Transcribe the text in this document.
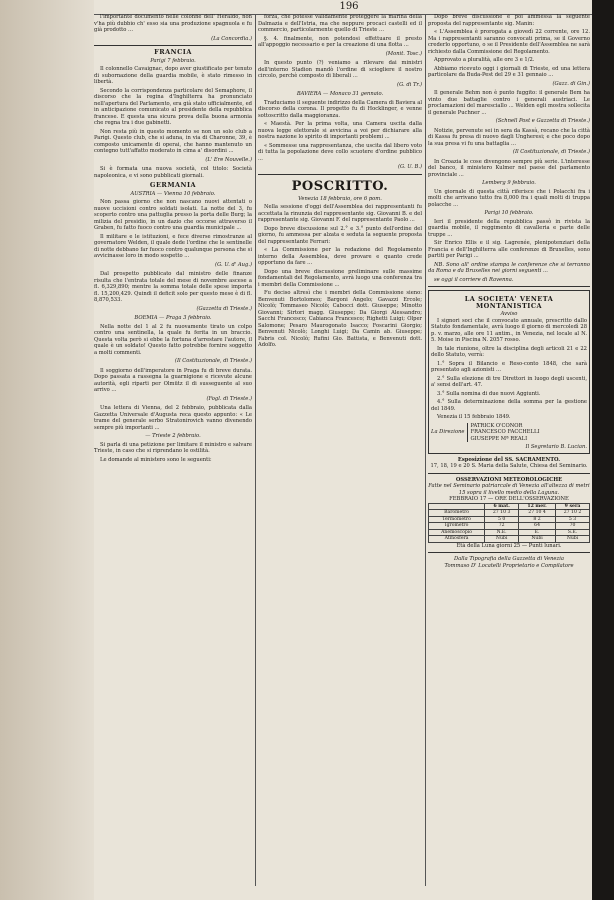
196

l'importante documento nelle colonne dell' Heraldo, non v'ha più dubbio ch' esso sia una produzione spagnuola e fu già prodotto ...

(La Concordia.)

FRANCIA
Parigi 7 febbraio.

Il colonnello Cavaignac, dopo aver giustificato per tenuto di subornazione della guardia mobile, è stato rimesso in libertà.

Secondo la corrispondenza particolare del Semaphore, il discorso che la regina d'Inghilterra ha pronunciato nell'apertura del Parlamento, era già stato ufficialmente, ed in anticipazione comunicato al presidente della repubblica francese. E questa una sicura prova della buona armonia che regna tra i due gabinetti.

Non resta più in questo momento se non un solo club a Parigi. Questo club, che si aduna, in via di Charonne, 39, è composto unicamente di operai, che hanno mantenuto un contegno tutt'affatto moderato in cima a' disordini ...

(L' Ere Nouvelle.)

Si è formata una nuova società, col titolo: Società napoleonica, e vi sono pubblicati giornali.

GERMANIA
AUSTRIA — Vienna 10 febbraio.

Non passa giorno che non nascano nuovi attentati o nuove uccisioni contro soldati isolati. La notte del 3, fu scoperto contro una pattuglia presso la porta delle Burg; la milizia del presidio, in un dazio che occorse attraverso il Graben, fu fatto fuoco contro una guardia municipale ...

Il militare e le istituzioni, e fece diverse rimostranze al governatore Welden, il quale dede l'ordine che le sentinelle di notte debbano far fuoco contro qualunque persona che si avvicinasse loro in modo sospetto ...

(G. U. d' Aug.)

Dal prospetto pubblicato dal ministro delle finanze risulta che l'entrata totale del mese di novembre ascese a fl. 6,329,890; mentre la somma totale delle spese importa fl. 15,200,429. Quindi il deficit solo per questo mese è di fl. 8,870,533.

(Gazzetta di Trieste.)

BOEMIA — Praga 3 febbraio.

Nella notte del 1 al 2 fu nuovamente tirato un colpo contro una sentinella, la quale fu ferita in un braccio. Questa volta però si ebbe la fortuna d'arrestare l'autore, il quale è un soldato! Questo fatto potrebbe fornire soggetto a molti commenti.

(Il Costituzionale, di Trieste.)

Il soggiorno dell'imperatore in Praga fu di breve durata. Dopo passata a rassegna la guarnigione e ricevute alcune autorità, egli riparti per Olmütz il di susseguente al suo arrivo ...

(Fogl. di Trieste.)

Una lettera di Vienna, del 2 febbraio, pubblicata dalla Gazzetta Universale d'Augusta reca questo appunto: « Le trame del generale serbo Stratonirovich vanno divenendo sempre più importanti ...

— Trieste 2 febbraio.

Si parla di una petizione per limitare il ministro e salvare Trieste, in caso che si riprendano le ostilità.

Le domande al ministero sono le seguenti:

forza, che potesse validamente proteggere la marina della Dalmazia e dell'Istria, ma che neppure procaci castelli ed il commercio, particolarmente quello di Trieste ...

§. 4. finalmente, non potendosi effettuare il presto all'appoggio necessario e per la creazione di una flotta ...

(Monit. Tosc.)

In questo punto (?) veniamo a rilevare dai ministri dell'interno Stadion mandò l'ordine di sciogliere il nostro circolo, perchè composto di liberali ...

(G. di Tr.)

BAVIERA — Monaco 31 gennaio.

Traduciamo il seguente indirizzo della Camera di Baviera al discorso della corona. Il progetto fu di Hocklinger, e venne sottoscritto dalla maggioranza.

« Maestà. Per la prima volta, una Camera uscita dalla nuova legge elettorale si avvicina a voi per dichiarare alla nostra nazione lo spirito di importanti problemi ...

« Sommesse una rappresentanza, che uscita dal libero voto di tutta la popolazione deve collo scuotere d'ordine pubblico ...

(G. U. B.)

POSCRITTO.
Venezia 18 febbraio, ore 6 pom.

Nella sessione d'oggi dell'Assemblea dei rappresentanti fu accettata la rinunzia del rappresentante sig. Giovanni B. e del rappresentante sig. Giovanni F. del rappresentante Paolo ...

Dopo breve discussione sul 2.° e 3.° punto dell'ordine del giorno, fu ammessa per alzata e seduta la seguente proposta del rappresentante Ferrari:

« La Commissione per la redazione del Regolamento interno della Assemblea, deve provare e quanto crede opportuno da fare ...

Dopo una breve discussione preliminare sulle massime fondamentali del Regolamento, avrà luogo una conferenza tra i membri della Commissione ...

Fu deciso altresì che i membri della Commissione sieno: Benvenuti Bortolomeo; Bargoni Angelo; Gavazzi Ercole; Nicolò; Tommaseo Nicolò; Cabocci dott. Giuseppe; Minotto Giovanni; Sirtori magg. Giuseppe; Da Giorgi Alessandro; Sacchi Francesco; Cabianca Francesco; Righetti Luigi; Olper Salomone; Pesaro Maurogonato Isacco; Foscarini Giorgio; Benvenuti Nicolò; Longhi Luigi; Da Camin ab. Giuseppe; Fabris col. Nicolò; Rufini Gio. Battista, e Benvenuti dott. Adolfo.

Dopo breve discussione è poi ammessa la seguente proposta del rappresentante sig. Manin:

« L'Assemblea è prorogata a giovedì 22 corrente, ore 12. Ma i rappresentanti saranno convocati prima, se il Governo crederlo opportuno, o se il Presidente dell'Assemblea ne sarà richiesto dalla Commissione del Regolamento.

Approvato a pluralità, alle ore 3 e 1/2.

Abbiamo ricevuto oggi i giornali di Trieste, ed una lettera particolare da Buda-Pest del 29 e 31 gennaio ...

(Gazz. di Gin.)

Il generale Behm non è punto fuggito: il generale Bem ha vinto due battaglie contro i generali austriaci. Le proclamazioni del maresciallo ... Welden egli mostra sollecita il generale Puchner ...

(Schnell Post e Gazzetta di Trieste.)

Notizie, pervenute sei in sera da Kassà, recano che la città di Kassa fu presa di nuovo dagli Ungheresi; e che poco dopo la sua presa vi fu una battaglia ...

(Il Costituzionale, di Trieste.)

In Croazia le cose divengono sempre più serie. L'interesse del banco, il ministero Kulmer nel paese del parlamento provinciale ...

Lemberg 9 febbraio.

Un giornale di questa città riferisce che i Polacchi fra i molti che arrivano tutto fra 8,000 fra i quali molti di truppa polacche ...

Parigi 10 febbraio.

Ieri il presidente della repubblica passò in rivista la guardia mobile, il reggimento di cavalleria e parte delle truppe ...

Sir Enrico Ellis e il sig. Lagrenée, plenipotenziari della Francia e dell'Inghilterra alle conferenze di Bruxelles, sono partiti per Parigi ...

NB. Sono all' ordine stampa le conferenze che si terranno da Roma e da Bruxelles nei giorni seguenti ...

se oggi il corriere di Ravenna.

LA SOCIETA' VENETA MONTANISTICA
Avviso

I signori soci che il convocato annuale, prescritto dallo Statuto fondamentale, avrà luogo il giorno di mercoledì 28 p. v. marzo, alle ore 11 antim., in Venezia, nel locale al N. 5. Moise in Piscina N. 2057 rosso.

In tale riunione, oltre la disciplina degli articoli 21 e 22 dello Statuto, verrà:

1.° Sopra il Bilancio e Reso-conto 1848, che sarà presentato agli azionisti ...

2.° Sulla elezione di tre Direttori in luogo degli uscenti, a' sensi dell'art. 47.

3.° Sulla nomina di due nuovi Aggiunti.

4.° Sulla determinazione della somma per la gestione del 1849.

Venezia il 15 febbraio 1849.

La Direzione
PATRICK O'CONOR
FRANCESCO FACCHELLI
GIUSEPPE Mª REALI
Il Segretario B. Lucian.
Esposizione del SS. SACRAMENTO.
17, 18, 19 e 20 S. Maria della Salute, Chiesa del Seminario.
OSSERVAZIONI METEOROLOGICHE
Fatte nel Seminario patriarcale di Venezia all'altezza di metri 15 sopra il livello medio della Laguna.
FEBBRAIO 17 — ORE DELL'OSSERVAZIONE
	6 mat.	12 mer.	9 sera
Barometro	27 10 3	27 10 4	27 10 2
Termometro	5 0	8 2	5 3
Igrometro	72	64	70
Anemoscopio	N.E.	E.	S.E.
Atmosfera	Nubi	Nubi	Nubi
Età della Luna giorni 25 — Punti lunari.
Dalla Tipografia della Gazzetta di Venezia
Tommaso D' Locatelli Proprietario e Compilatore
